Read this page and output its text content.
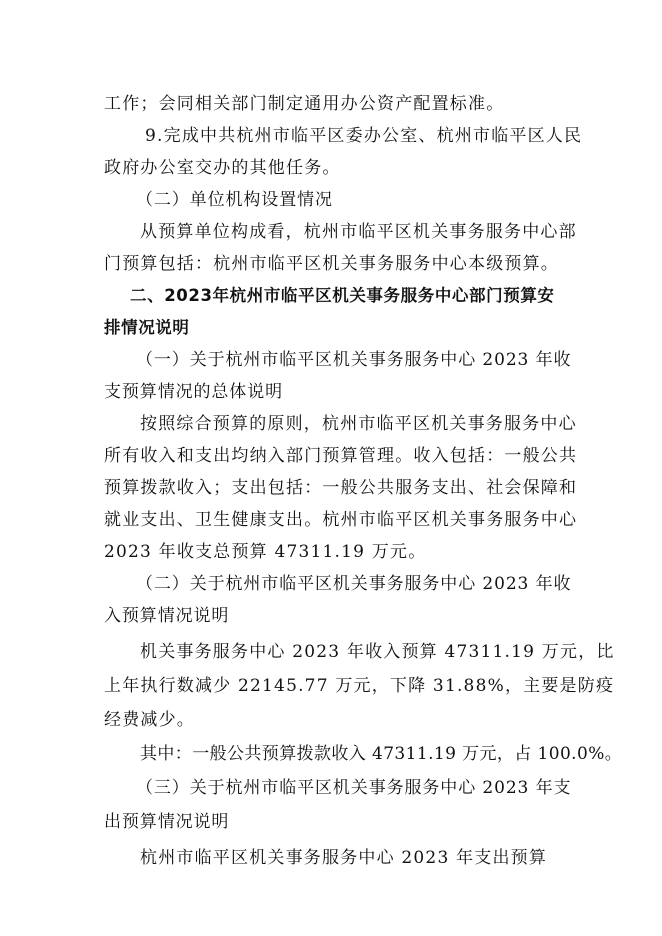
工作；会同相关部门制定通用办公资产配置标准。

9.完成中共杭州市临平区委办公室、杭州市临平区人民

政府办公室交办的其他任务。

（二）单位机构设置情况

从预算单位构成看，杭州市临平区机关事务服务中心部

门预算包括：杭州市临平区机关事务服务中心本级预算。

二、2023年杭州市临平区机关事务服务中心部门预算安

排情况说明

（一）关于杭州市临平区机关事务服务中心 2023 年收

支预算情况的总体说明

按照综合预算的原则，杭州市临平区机关事务服务中心

所有收入和支出均纳入部门预算管理。收入包括：一般公共

预算拨款收入；支出包括：一般公共服务支出、社会保障和

就业支出、卫生健康支出。杭州市临平区机关事务服务中心

2023 年收支总预算 47311.19 万元。

（二）关于杭州市临平区机关事务服务中心 2023 年收

入预算情况说明

机关事务服务中心 2023 年收入预算 47311.19 万元，比

上年执行数减少 22145.77 万元，下降 31.88%，主要是防疫

经费减少。

其中：一般公共预算拨款收入 47311.19 万元，占 100.0%。

（三）关于杭州市临平区机关事务服务中心 2023 年支

出预算情况说明

杭州市临平区机关事务服务中心 2023 年支出预算
